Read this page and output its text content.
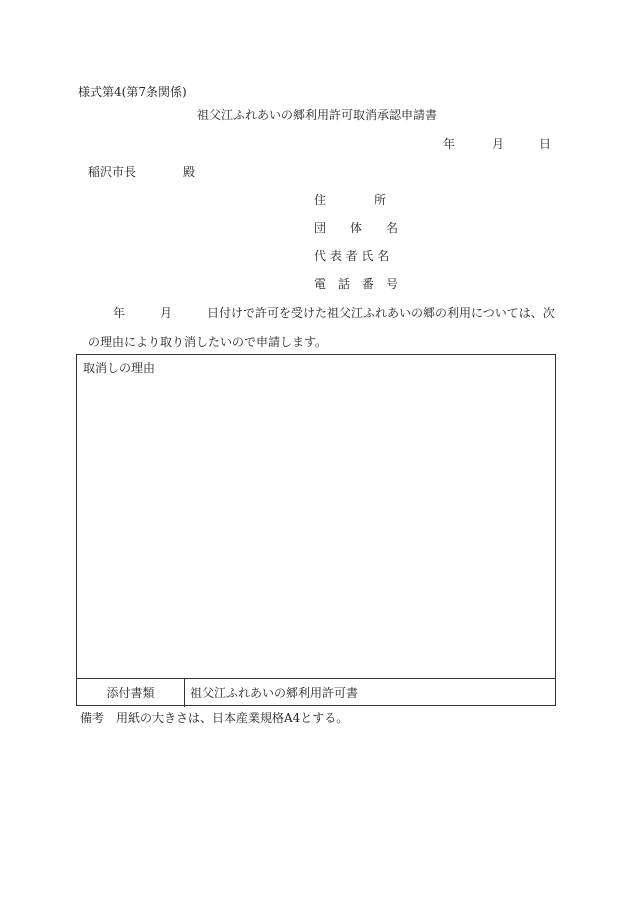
様式第4(第7条関係)
祖父江ふれあいの郷利用許可取消承認申請書
年	月	日
稲沢市長	殿
住　　　　所
団　　体　　名
代 表 者 氏 名
電　話　番　号
年	月	日付けで許可を受けた祖父江ふれあいの郷の利用については、次
の理由により取り消したいので申請します。
取消しの理由
添付書類	祖父江ふれあいの郷利用許可書
備考　用紙の大きさは、日本産業規格A4とする。
